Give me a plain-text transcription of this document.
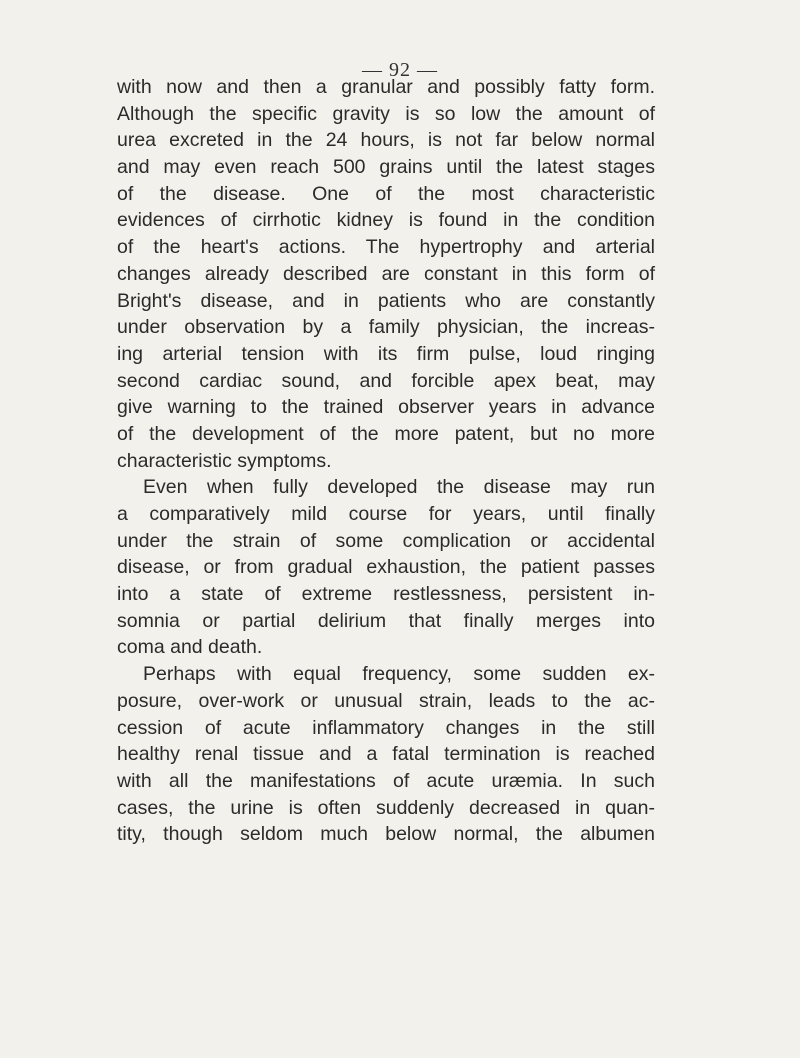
— 92 —
with now and then a granular and possibly fatty form.
Although the specific gravity is so low the amount of
urea excreted in the 24 hours, is not far below normal
and may even reach 500 grains until the latest stages
of the disease. One of the most characteristic
evidences of cirrhotic kidney is found in the condition
of the heart's actions. The hypertrophy and arterial
changes already described are constant in this form of
Bright's disease, and in patients who are constantly
under observation by a family physician, the increas-
ing arterial tension with its firm pulse, loud ringing
second cardiac sound, and forcible apex beat, may
give warning to the trained observer years in advance
of the development of the more patent, but no more
characteristic symptoms.
Even when fully developed the disease may run
a comparatively mild course for years, until finally
under the strain of some complication or accidental
disease, or from gradual exhaustion, the patient passes
into a state of extreme restlessness, persistent in-
somnia or partial delirium that finally merges into
coma and death.
Perhaps with equal frequency, some sudden ex-
posure, over-work or unusual strain, leads to the ac-
cession of acute inflammatory changes in the still
healthy renal tissue and a fatal termination is reached
with all the manifestations of acute uræmia. In such
cases, the urine is often suddenly decreased in quan-
tity, though seldom much below normal, the albumen
